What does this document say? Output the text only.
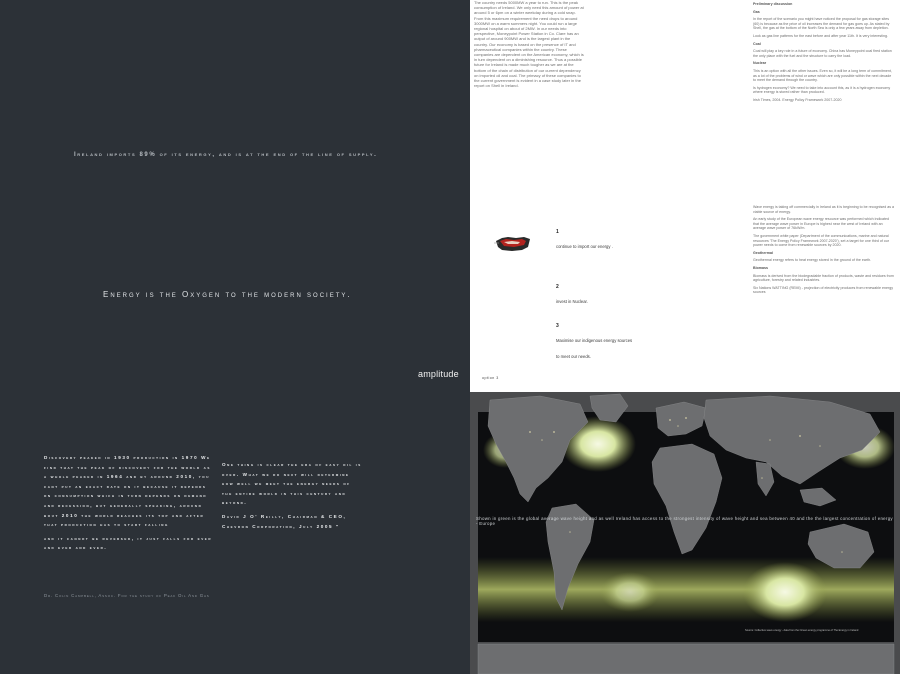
Ireland imports 89% of its energy, and is at the end of the line of supply.
Energy is the Oxygen to the modern society.
amplitude

Discovery peaked in 1930 production in 1970 We find that the peak of discovery for the world as a whole peaked in 1964 and by around 2010, you cant put an exact date on it because it depends on consumption which in turn depends on demand and recession, but generally speaking, around bout 2010 the world reaches its top and after that production has to start falling

and it cannot be reversed, it just falls for ever and ever and ever.

Dr. Colin Campbell, Assoc. For the study of Peak Oil And Gas

One thing is clear the era of easy oil is over. What we do next will determine how well we meet the energy needs of the entire world in this century and beyond.

David J O' Reilly, Chairman & CEO, Chevron Corporation, July 2005 "

The country needs 5000MW a year to run. This is the peak consumption of Ireland. We only need this amount of power at around 5 or 6pm on a winter weekday during a cold snap. From this maximum requirement the need drops to around 3000MW on a warm summers night. You could run a large regional hospital on about of 2MW. In our needs into perspective, Moneypoint Power Station in Co. Clare has an output of around 900MW and is the largest plant in the country. Our economy is based on the presence of IT and pharmaceutical companies within the country. These companies are dependent on the American economy, which is in turn dependent on a diminishing resource. Thus a possible future for Ireland is made much tougher as we are at the bottom of the chain of distribution of our current dependency on imported oil and coal. The primacy of these companies to the current government is evident in a case study later in the report on Shell in Ireland.

Preliminary discussion

Gas

In the report of the scenario you might have noticed the proposal for gas storage sites (60) is because as the price of oil increases the demand for gas goes up. As stated by Shell, the gas at the bottom of the North Sea is only a few years away from depletion.

Look as gas line patterns for the east before and after year 11th. It is very interesting.

Coal

Coal will play a key role in a future of economy. China has Moneypoint coal fired station the only place with the fuel and the structure to carry the load.

Nuclear

This is an option with all the other issues. Even so, it will be a long term of commitment, as a lot of the problems of wind or wave which are only possible within the next decade to meet the demand through the country.

Is hydrogen economy? We need to take into account this, as it is a hydrogen economy where energy is stored rather than produced.

Irish Times, 2004. Energy Policy Framework 2007-2020

Wave energy is taking off commercially in Ireland as it is beginning to be recognised as a viable source of energy.

An early study of the European wave energy resource was performed which indicated that the average wave power in Europe is highest near the west of Ireland with an average wave power of 76kW/m.

The government white paper (Department of the communications, marine and natural resources 'The Energy Policy Framework 2007-2020'), set a target for one third of our power needs to come from renewable sources by 2020.

Geothermal

Geothermal energy refers to heat energy stored in the ground of the earth.

Biomass

Biomass is derived from the biodegradable fraction of products, waste and residues from agriculture, forestry and related industries.

Six Nations WATTING (REMI) - projection of electricity produces from renewable energy sources

1
continue to import our energy .
2
invest in Nuclear.
3
Maximise our indigenous energy sources
to meet our needs.
option 3
Shown in green is the global average wave height and as well Ireland has access to the strongest intensity of wave height and sea between 40 and the the largest concentration of energy - Europe
Source: Collective wave energy - data from the Ocean energy programme of The Energy in Ireland
